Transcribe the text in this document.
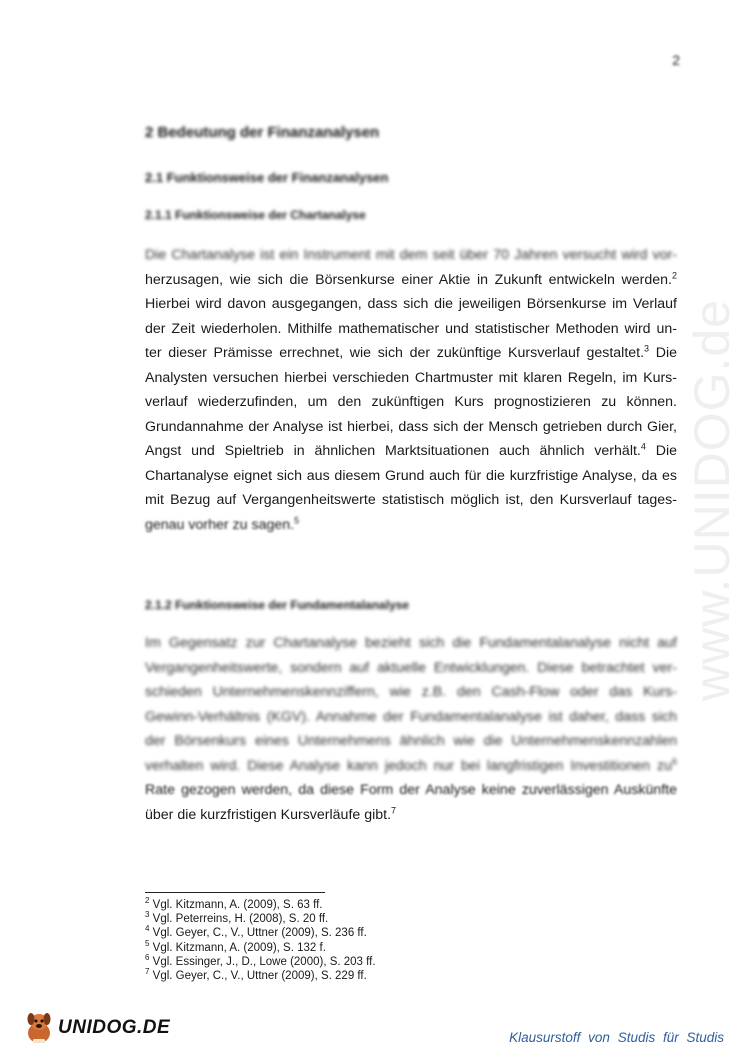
www.UNIDOG.de
2
2 Bedeutung der Finanzanalysen
2.1 Funktionsweise der Finanzanalysen
2.1.1 Funktionsweise der Chartanalyse
Die Chartanalyse ist ein Instrument mit dem seit über 70 Jahren versucht wird vor-
herzusagen, wie sich die Börsenkurse einer Aktie in Zukunft entwickeln werden.$^2$
Hierbei wird davon ausgegangen, dass sich die jeweiligen Börsenkurse im Verlauf
der Zeit wiederholen. Mithilfe mathematischer und statistischer Methoden wird un-
ter dieser Prämisse errechnet, wie sich der zukünftige Kursverlauf gestaltet.$^3$ Die
Analysten versuchen hierbei verschieden Chartmuster mit klaren Regeln, im Kurs-
verlauf wiederzufinden, um den zukünftigen Kurs prognostizieren zu können.
Grundannahme der Analyse ist hierbei, dass sich der Mensch getrieben durch Gier,
Angst und Spieltrieb in ähnlichen Marktsituationen auch ähnlich verhält.$^4$ Die
Chartanalyse eignet sich aus diesem Grund auch für die kurzfristige Analyse, da es
mit Bezug auf Vergangenheitswerte statistisch möglich ist, den Kursverlauf tages-
genau vorher zu sagen.$^5$
2.1.2 Funktionsweise der Fundamentalanalyse
Im Gegensatz zur Chartanalyse bezieht sich die Fundamentalanalyse nicht auf
Vergangenheitswerte, sondern auf aktuelle Entwicklungen. Diese betrachtet ver-
schieden Unternehmenskennziffern, wie z.B. den Cash-Flow oder das Kurs-
Gewinn-Verhältnis (KGV). Annahme der Fundamentalanalyse ist daher, dass sich
der Börsenkurs eines Unternehmens ähnlich wie die Unternehmenskennzahlen
verhalten wird. Diese Analyse kann jedoch nur bei langfristigen Investitionen $zu^6$
Rate gezogen werden, da diese Form der Analyse keine zuverlässigen Auskünfte
über die kurzfristigen Kursverläufe gibt.$^7$
$^2$ Vgl. Kitzmann, A. (2009), S. 63 ff.
$^3$ Vgl. Peterreins, H. (2008), S. 20 ff.
$^4$ Vgl. Geyer, C., V., Uttner (2009), S. 236 ff.
$^5$ Vgl. Kitzmann, A. (2009), S. 132 f.
$^6$ Vgl. Essinger, J., D., Lowe (2000), S. 203 ff.
$^7$ Vgl. Geyer, C., V., Uttner (2009), S. 229 ff.
UNIDOG.DE	Klausurstoff von Studis für Studis
